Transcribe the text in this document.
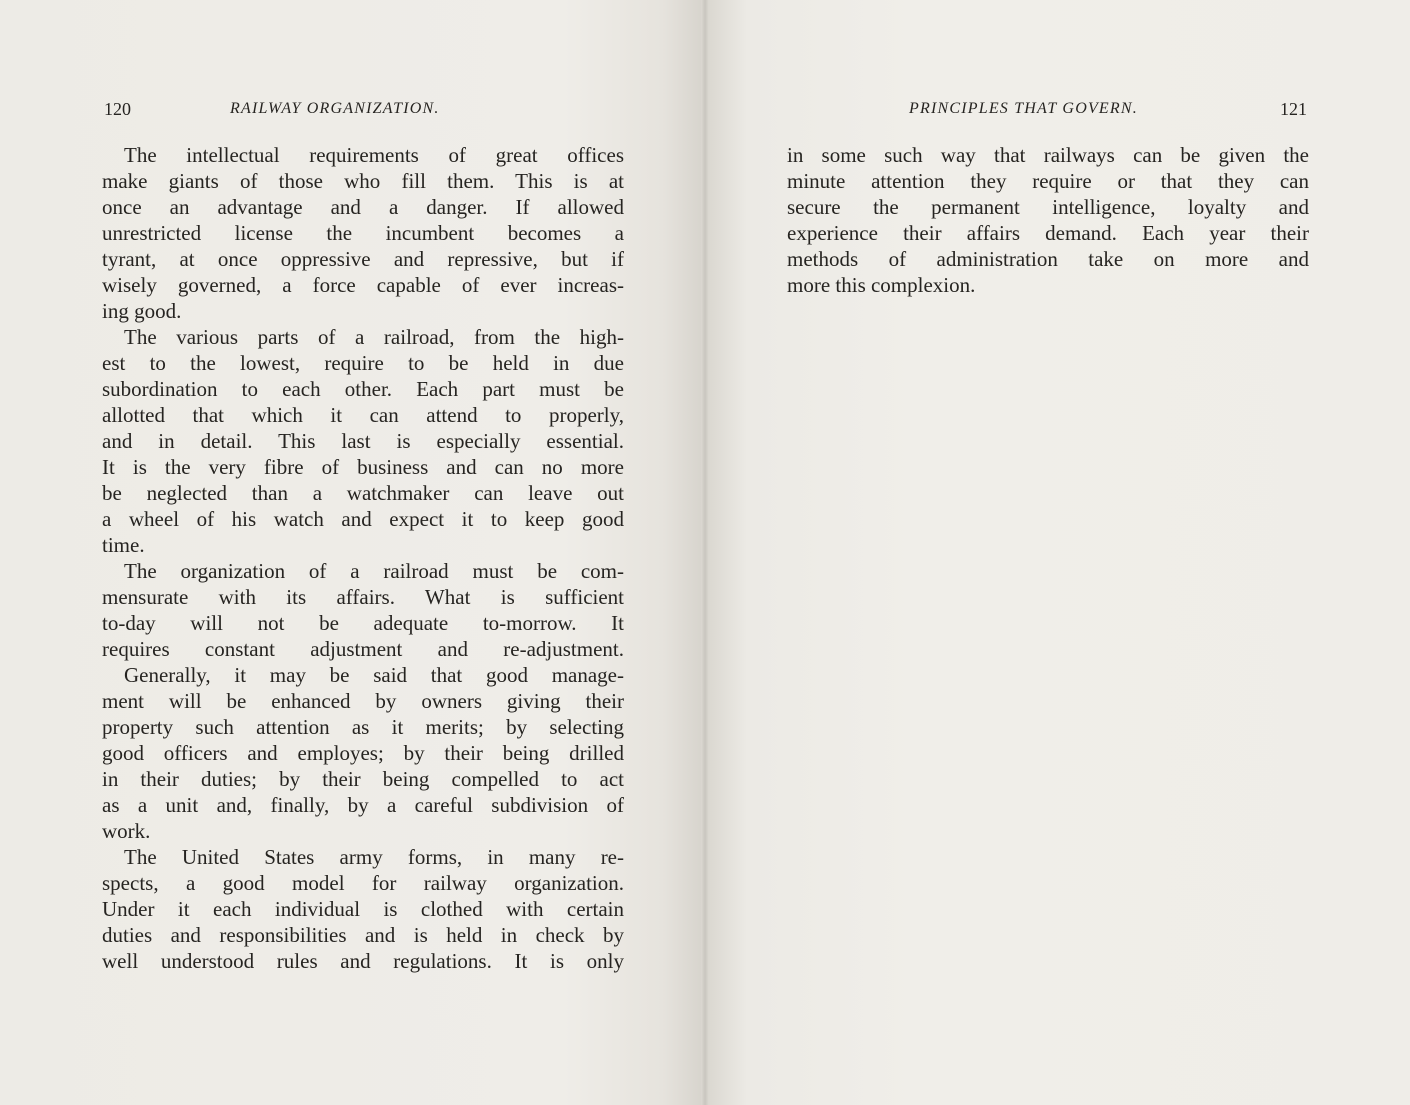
120	RAILWAY ORGANIZATION.
The intellectual requirements of great offices
make giants of those who fill them. This is at
once an advantage and a danger. If allowed
unrestricted license the incumbent becomes a
tyrant, at once oppressive and repressive, but if
wisely governed, a force capable of ever increas-
ing good.
The various parts of a railroad, from the high-
est to the lowest, require to be held in due
subordination to each other. Each part must be
allotted that which it can attend to properly,
and in detail. This last is especially essential.
It is the very fibre of business and can no more
be neglected than a watchmaker can leave out
a wheel of his watch and expect it to keep good
time.
The organization of a railroad must be com-
mensurate with its affairs. What is sufficient
to-day will not be adequate to-morrow. It
requires constant adjustment and re-adjustment.
Generally, it may be said that good manage-
ment will be enhanced by owners giving their
property such attention as it merits; by selecting
good officers and employes; by their being drilled
in their duties; by their being compelled to act
as a unit and, finally, by a careful subdivision of
work.
The United States army forms, in many re-
spects, a good model for railway organization.
Under it each individual is clothed with certain
duties and responsibilities and is held in check by
well understood rules and regulations. It is only
PRINCIPLES THAT GOVERN.	121
in some such way that railways can be given the
minute attention they require or that they can
secure the permanent intelligence, loyalty and
experience their affairs demand. Each year their
methods of administration take on more and
more this complexion.
